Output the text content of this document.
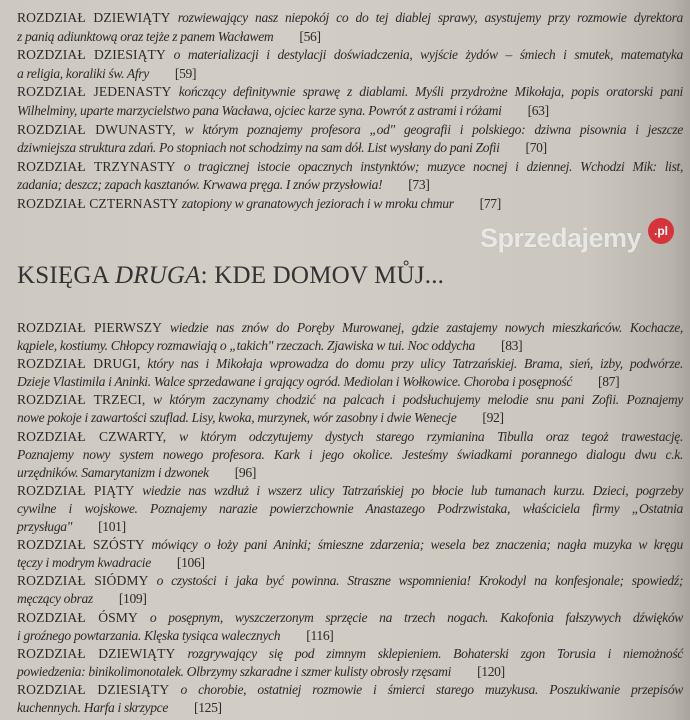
ROZDZIAŁ DZIEWIĄTY rozwiewający nasz niepokój co do tej diablej sprawy, asystujemy przy rozmowie dyrektora
z panią adiunktową oraz tejże z panem Wacławem [56]
ROZDZIAŁ DZIESIĄTY o materializacji i destylacji doświadczenia, wyjście żydów – śmiech i smutek, matematyka
a religia, koraliki św. Afry [59]
ROZDZIAŁ JEDENASTY kończący definitywnie sprawę z diablami. Myśli przydrożne Mikołaja, popis oratorski pani
Wilhelminy, uparte marzycielstwo pana Wacława, ojciec karze syna. Powrót z astrami i różami [63]
ROZDZIAŁ DWUNASTY, w którym poznajemy profesora „od" geografii i polskiego: dziwna pisownia i jeszcze
dziwniejsza struktura zdań. Po stopniach not schodzimy na sam dół. List wysłany do pani Zofii [70]
ROZDZIAŁ TRZYNASTY o tragicznej istocie opacznych instynktów; muzyce nocnej i dziennej. Wchodzi Mik: list,
zadania; deszcz; zapach kasztanów. Krwawa pręga. I znów przysłowia! [73]
ROZDZIAŁ CZTERNASTY zatopiony w granatowych jeziorach i w mroku chmur [77]
Sprzedajemy	.pl
KSIĘGA DRUGA: KDE DOMOV MŮJ...
ROZDZIAŁ PIERWSZY wiedzie nas znów do Poręby Murowanej, gdzie zastajemy nowych mieszkańców. Kochacze,
kąpiele, kostiumy. Chłopcy rozmawiają o „takich" rzeczach. Zjawiska w tui. Noc oddycha [83]
ROZDZIAŁ DRUGI, który nas i Mikołaja wprowadza do domu przy ulicy Tatrzańskiej. Brama, sień, izby, podwórze.
Dzieje Vlastimila i Aninki. Walce sprzedawane i grający ogród. Mediolan i Wołkowice. Choroba i posępność [87]
ROZDZIAŁ TRZECI, w którym zaczynamy chodzić na palcach i podsłuchujemy melodie snu pani Zofii. Poznajemy
nowe pokoje i zawartości szuflad. Lisy, kwoka, murzynek, wór zasobny i dwie Wenecje [92]
ROZDZIAŁ CZWARTY, w którym odczytujemy dystych starego rzymianina Tibulla oraz tegoż trawestację.
Poznajemy nowy system nowego profesora. Kark i jego okolice. Jesteśmy świadkami porannego dialogu dwu c.k.
urzędników. Samarytanizm i dzwonek [96]
ROZDZIAŁ PIĄTY wiedzie nas wzdłuż i wszerz ulicy Tatrzańskiej po błocie lub tumanach kurzu. Dzieci, pogrzeby
cywilne i wojskowe. Poznajemy narazie powierzchownie Anastazego Podrzwistaka, właściciela firmy „Ostatnia
przysługa" [101]
ROZDZIAŁ SZÓSTY mówiący o łoży pani Aninki; śmieszne zdarzenia; wesela bez znaczenia; nagła muzyka w kręgu
tęczy i modrym kwadracie [106]
ROZDZIAŁ SIÓDMY o czystości i jaka być powinna. Straszne wspomnienia! Krokodyl na konfesjonale; spowiedź;
męczący obraz [109]
ROZDZIAŁ ÓSMY o posępnym, wyszczerzonym sprzęcie na trzech nogach. Kakofonia fałszywych dźwięków
i groźnego powtarzania. Klęska tysiąca walecznych [116]
ROZDZIAŁ DZIEWIĄTY rozgrywający się pod zimnym sklepieniem. Bohaterski zgon Torusia i niemożność
powiedzenia: binikolimonotalek. Olbrzymy szkaradne i szmer kulisty obrosły rzęsami [120]
ROZDZIAŁ DZIESIĄTY o chorobie, ostatniej rozmowie i śmierci starego muzykusa. Poszukiwanie przepisów
kuchennych. Harfa i skrzypce [125]
